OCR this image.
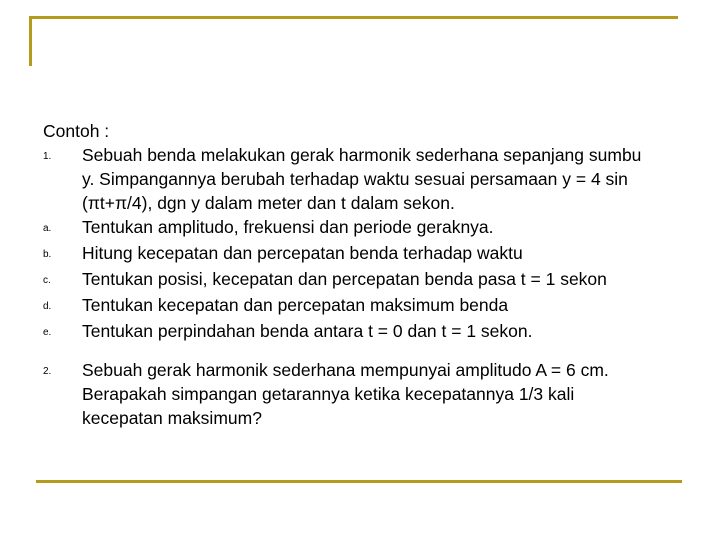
Contoh :

1.	Sebuah benda melakukan gerak harmonik sederhana sepanjang sumbu y. Simpangannya berubah terhadap waktu sesuai persamaan y = 4 sin (πt+π/4), dgn y dalam meter dan t dalam sekon.
a.	Tentukan amplitudo, frekuensi dan periode geraknya.
b.	Hitung kecepatan dan percepatan benda terhadap waktu
c.	Tentukan posisi, kecepatan dan percepatan benda pasa t = 1 sekon
d.	Tentukan kecepatan dan percepatan maksimum benda
e.	Tentukan perpindahan benda antara t = 0 dan t = 1 sekon.
2.	Sebuah gerak harmonik sederhana mempunyai amplitudo A = 6 cm. Berapakah simpangan getarannya ketika kecepatannya 1/3 kali kecepatan maksimum?
